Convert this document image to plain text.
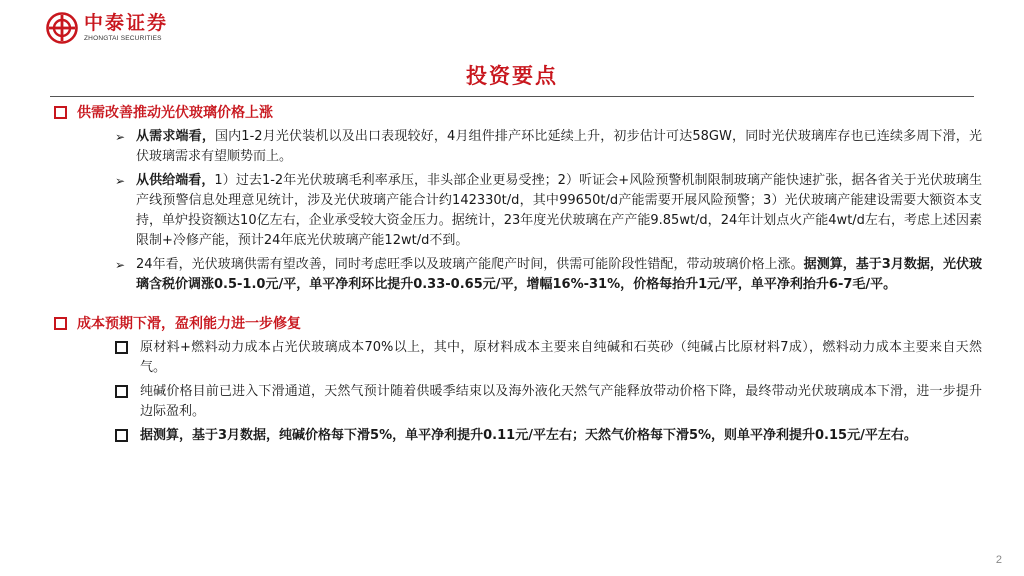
中泰证券
ZHONGTAI SECURITIES
投资要点
供需改善推动光伏玻璃价格上涨
➢ 从需求端看，国内1-2月光伏装机以及出口表现较好，4月组件排产环比延续上升，初步估计可达58GW，同时光伏玻璃库存也已连续多周下滑，光伏玻璃需求有望顺势而上。
➢ 从供给端看，1）过去1-2年光伏玻璃毛利率承压，非头部企业更易受挫；2）听证会+风险预警机制限制玻璃产能快速扩张，据各省关于光伏玻璃生产线预警信息处理意见统计，涉及光伏玻璃产能合计约142330t/d，其中99650t/d产能需要开展风险预警；3）光伏玻璃产能建设需要大额资本支持，单炉投资额达10亿左右，企业承受较大资金压力。据统计，23年度光伏玻璃在产产能9.85wt/d，24年计划点火产能4wt/d左右，考虑上述因素限制+冷修产能，预计24年底光伏玻璃产能12wt/d不到。
➢ 24年看，光伏玻璃供需有望改善，同时考虑旺季以及玻璃产能爬产时间，供需可能阶段性错配，带动玻璃价格上涨。据测算，基于3月数据，光伏玻璃含税价调涨0.5-1.0元/平，单平净利环比提升0.33-0.65元/平，增幅16%-31%，价格每抬升1元/平，单平净利抬升6-7毛/平。
成本预期下滑，盈利能力进一步修复
原材料+燃料动力成本占光伏玻璃成本70%以上，其中，原材料成本主要来自纯碱和石英砂（纯碱占比原材料7成），燃料动力成本主要来自天然气。
纯碱价格目前已进入下滑通道，天然气预计随着供暖季结束以及海外液化天然气产能释放带动价格下降，最终带动光伏玻璃成本下滑，进一步提升边际盈利。
据测算，基于3月数据，纯碱价格每下滑5%，单平净利提升0.11元/平左右；天然气价格每下滑5%，则单平净利提升0.15元/平左右。
2
